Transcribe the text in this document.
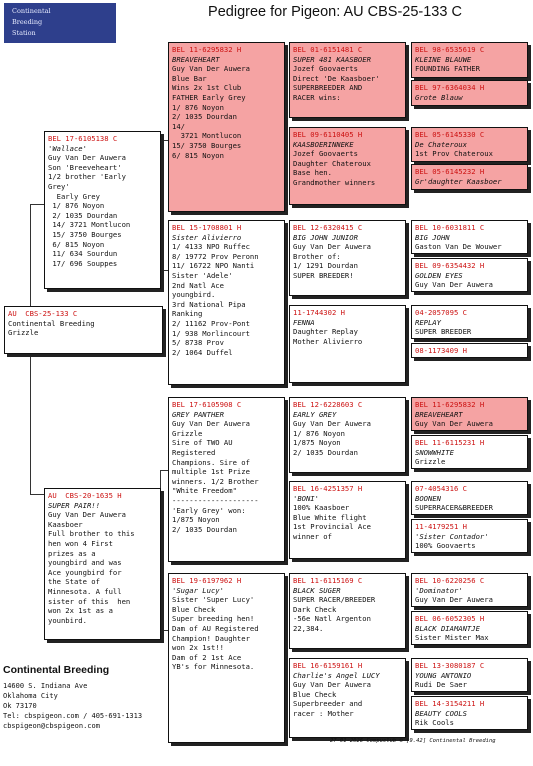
Continental
Breeding
Station
Pedigree for Pigeon: AU CBS-25-133 C
AU  CBS-25-133 C
Continental Breeding
Grizzle
BEL 17-6105138 C
'Wallace'
Guy Van Der Auwera
Son 'Breeveheart'
1/2 brother 'Early
Grey'
Early Grey
1/ 876 Noyon
2/ 1035 Dourdan
14/ 3721 Montlucon
15/ 3750 Bourges
6/ 815 Noyon
11/ 634 Sourdun
17/ 696 Souppes
AU  CBS-20-1635 H
SUPER PAIR!!
Guy Van Der Auwera
Kaasboer
Full brother to this
hen won 4 First
prizes as a
youngbird and was
Ace youngbird for
the State of
Minnesota. A full
sister of this  hen
won 2x 1st as a
younbird.
BEL 11-6295832 H
BREAVEHEART
Guy Van Der Auwera
Blue Bar
Wins 2x 1st Club
FATHER Early Grey
1/ 876 Noyon
2/ 1035 Dourdan
14/
3721 Montlucon
15/ 3750 Bourges
6/ 815 Noyon
BEL 15-1708801 H
Sister Alivierro
1/ 4133 NPO Ruffec
8/ 19772 Prov Peronn
11/ 16722 NPO Nanti
Sister 'Adele'
2nd Natl Ace
youngbird.
3rd National Pipa
Ranking
2/ 11162 Prov-Pont
1/ 938 Morlincourt
5/ 8738 Prov
2/ 1064 Duffel
BEL 17-6105908 C
GREY PANTHER
Guy Van Der Auwera
Grizzle
Sire of TWO AU
Registered
Champions. Sire of
multiple 1st Prize
winners. 1/2 Brother
"White Freedom"
--------------------
'Early Grey' won:
1/875 Noyon
2/ 1035 Dourdan
BEL 19-6197962 H
'Sugar Lucy'
Sister 'Super Lucy'
Blue Check
Super breeding hen!
Dam of AU Registered
Champion! Daughter
won 2x 1st!!
Dam of 2 1st Ace
YB's for Minnesota.
BEL 01-6151481 C
SUPER 481 KAASBOER
Jozef Goovaerts
Direct 'De Kaasboer'
SUPERBREEDER AND
RACER wins:
BEL 09-6110405 H
KAASBOERINNEKE
Jozef Goovaerts
Daughter Chateroux
Base hen.
Grandmother winners
BEL 12-6320415 C
BIG JOHN JUNIOR
Guy Van Der Auwera
Brother of:
1/ 1291 Dourdan
SUPER BREEDER!
11-1744302 H
FENNA
Daughter Replay
Mother Alivierro
BEL 12-6228603 C
EARLY GREY
Guy Van Der Auwera
1/ 876 Noyon
1/875 Noyon
2/ 1035 Dourdan
BEL 16-4251357 H
'BONI'
100% Kaasboer
Blue White flight
1st Provincial Ace
winner of
BEL 11-6115169 C
BLACK SUGER
SUPER RACER/BREEDER
Dark Check
-56e Natl Argenton
22,384.
BEL 16-6159161 H
Charlie's Angel LUCY
Guy Van Der Auwera
Blue Check
Superbreeder and
racer : Mother
BEL 98-6535619 C
KLEINE BLAUWE
FOUNDING FATHER
BEL 97-6364034 H
Grote Blauw
BEL 05-6145330 C
De Chateroux
1st Prov Chateroux
BEL 05-6145232 H
Gr'daughter Kaasboer
BEL 10-6031811 C
BIG JOHN
Gaston Van De Wouwer
BEL 09-6354432 H
GOLDEN EYES
Guy Van Der Auwera
04-2057095 C
REPLAY
SUPER BREEDER
08-1173409 H
BEL 11-6295832 H
BREAVEHEART
Guy Van Der Auwera
BEL 11-6115231 H
SNOWWHITE
Grizzle
07-4054316 C
BOONEN
SUPERRACER&BREEDER
11-4179251 H
'Sister Contador'
100% Goovaerts
BEL 10-6220256 C
'Dominator'
Guy Van Der Auwera
BEL 06-6052305 H
BLACK DIAMANTJE
Sister Mister Max
BEL 13-3080187 C
YOUNG ANTONIO
Rudi De Saer
BEL 14-3154211 H
BEAUTY COOLS
Rik Cools
Continental Breeding
14600 S. Indiana Ave
Oklahoma City
Ok 73170
Tel: cbspigeon.com / 405-691-1313
cbspigeon@cbspigeon.com
27-01-2026 Compuclub © [9.42] Continental Breeding
